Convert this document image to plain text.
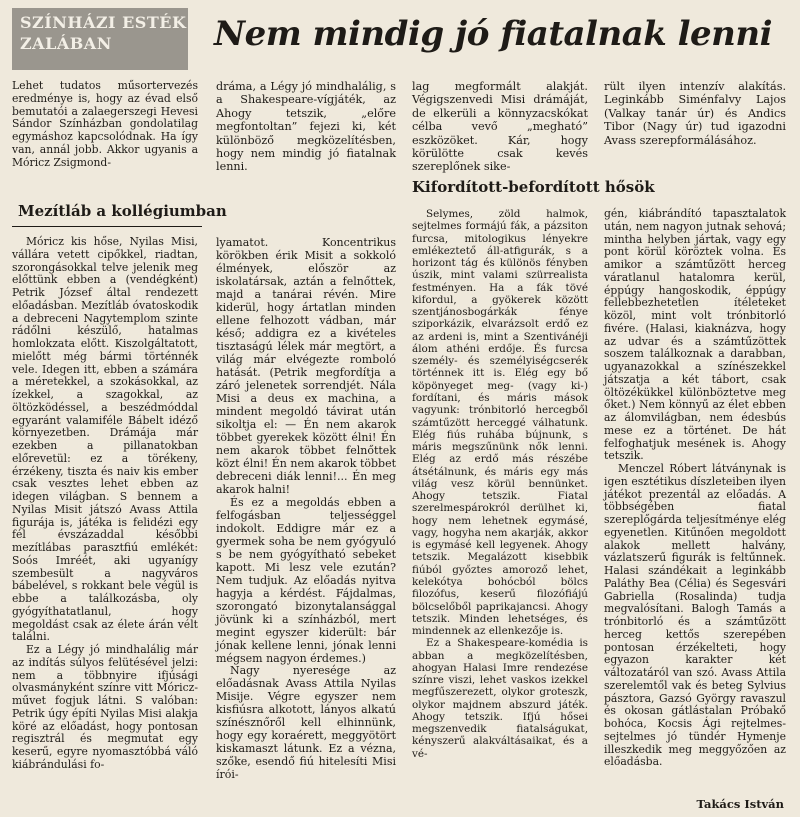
SZÍNHÁZI ESTÉK ZALÁBAN	Nem mindig jó fiatalnak lenni

Lehet tudatos műsortervezés eredménye is, hogy az évad első bemutatói a zalaegerszegi Hevesi Sándor Színházban gondolatilag egymáshoz kapcsolódnak. Ha így van, annál jobb. Akkor ugyanis a Móricz Zsigmond-

dráma, a Légy jó mindhalálig, s a Shakespeare-vígjáték, az Ahogy tetszik, „előre megfontoltan” fejezi ki, két különböző megközelítésben, hogy nem mindig jó fiatalnak lenni.

lag megformált alakját. Végigszenvedi Misi drámáját, de elkerüli a könnyzacskókat célba vevő „megható” eszközöket. Kár, hogy körülötte csak kevés szereplőnek sike-

rült ilyen intenzív alakítás. Leginkább Siménfalvy Lajos (Valkay tanár úr) és Andics Tibor (Nagy úr) tud igazodni Avass szerepformálásához.

Mezítláb a kollégiumban
Kifordított-befordított hősök

Móricz kis hőse, Nyilas Misi, vállára vetett cipőkkel, riadtan, szorongásokkal telve jelenik meg előttünk ebben a (vendégként) Petrik József által rendezett előadásban. Mezítláb óvatoskodik a debreceni Nagytemplom szinte rádőlni készülő, hatalmas homlokzata előtt. Kiszolgáltatott, mielőtt még bármi történnék vele. Idegen itt, ebben a számára a méretekkel, a szokásokkal, az ízekkel, a szagokkal, az öltözködéssel, a beszédmóddal egyaránt valamiféle Bábelt idéző környezetben. Drámája már ezekben a pillanatokban előrevetül: ez a törékeny, érzékeny, tiszta és naiv kis ember csak vesztes lehet ebben az idegen világban. S bennem a Nyilas Misit játszó Avass Attila figurája is, játéka is felidézi egy fél évszázaddal későbbi mezítlábas parasztfiú emlékét: Soós Imréét, aki ugyanígy szembesült a nagyváros bábelével, s rokkant bele végül is ebbe a találkozásba, oly gyógyíthatatlanul, hogy megoldást csak az élete árán vélt találni.

Ez a Légy jó mindhalálig már az indítás súlyos felütésével jelzi: nem a többnyire ifjúsági olvasmányként színre vitt Móricz-művet fogjuk látni. S valóban: Petrik úgy építi Nyilas Misi alakja köré az előadást, hogy pontosan regisztrál és megmutat egy keserű, egyre nyomasztóbbá váló kiábrándulási fo-

lyamatot. Koncentrikus körökben érik Misit a sokkoló élmények, először az iskolatársak, aztán a felnőttek, majd a tanárai révén. Mire kiderül, hogy ártatlan minden ellene felhozott vádban, már késő; addigra ez a kivételes tisztaságú lélek már megtört, a világ már elvégezte romboló hatását. (Petrik megfordítja a záró jelenetek sorrendjét. Nála Misi a deus ex machina, a mindent megoldó távirat után sikoltja el: — Én nem akarok többet gyerekek között élni! Én nem akarok többet felnőttek közt élni! Én nem akarok többet debreceni diák lenni!... Én meg akarok halni!

És ez a megoldás ebben a felfogásban teljességgel indokolt. Eddigre már ez a gyermek soha be nem gyógyuló s be nem gyógyítható sebeket kapott. Mi lesz vele ezután? Nem tudjuk. Az előadás nyitva hagyja a kérdést. Fájdalmas, szorongató bizonytalansággal jövünk ki a színházból, mert megint egyszer kiderült: bár jónak kellene lenni, jónak lenni mégsem nagyon érdemes.)

Nagy nyeresége az előadásnak Avass Attila Nyilas Misije. Végre egyszer nem kisfiúsra alkotott, lányos alkatú színésznőről kell elhinnünk, hogy egy koraérett, meggyötört kiskamaszt látunk. Ez a vézna, szőke, esendő fiú hitelesíti Misi írói-

Selymes, zöld halmok, sejtelmes formájú fák, a pázsiton furcsa, mitologikus lényekre emlékeztető áll-atfigurák, s a horizont tág és különös fényben úszik, mint valami szürrealista festményen. Ha a fák tövé kifordul, a gyökerek között szentjánosbogárkák fénye sziporkázik, elvarázsolt erdő ez az ardeni is, mint a Szentivánéji álom athéni erdője. És furcsa személy- és személyiségcserék történnek itt is. Elég egy bő köpönyeget meg- (vagy ki-) fordítani, és máris mások vagyunk: trónbitorló hercegből számtűzött herceggé válhatunk. Elég fiús ruhába bújnunk, s máris megszűnünk nők lenni. Elég az erdő más részébe átsétálnunk, és máris egy más világ vesz körül bennünket. Ahogy tetszik. Fiatal szerelmespárokról derülhet ki, hogy nem lehetnek egymásé, vagy, hogyha nem akarják, akkor is egymásé kell legyenek. Ahogy tetszik. Megalázott kisebbik fiúból győztes amoroző lehet, kelekótya bohócból bölcs filozófus, keserű filozófiájú bölcselőből paprikajancsi. Ahogy tetszik. Minden lehetséges, és mindennek az ellenkezője is.

Ez a Shakespeare-komédia is abban a megközelítésben, ahogyan Halasi Imre rendezése színre viszi, lehet vaskos izekkel megfűszerezett, olykor groteszk, olykor majdnem abszurd játék. Ahogy tetszik. Ifjú hősei megszenvedik fiatalságukat, kényszerű alakváltásaikat, és a vé-

gén, kiábrándító tapasztalatok után, nem nagyon jutnak sehová; mintha helyben jártak, vagy egy pont körül köröztek volna. És amikor a számtűzött herceg váratlanul hatalomra kerül, éppúgy hangoskodik, éppúgy fellebbezhetetlen ítéleteket közöl, mint volt trónbitorló fivére. (Halasi, kiaknázva, hogy az udvar és a számtűzöttek soszem találkoznak a darabban, ugyanazokkal a színészekkel játszatja a két tábort, csak öltözékükkel különböztetve meg őket.) Nem könnyű az élet ebben az álomvilágban, nem édesbús mese ez a történet. De hát felfoghatjuk mesének is. Ahogy tetszik.

Menczel Róbert látványnak is igen esztétikus díszleteiben ilyen játékot prezentál az előadás. A többségében fiatal szereplőgárda teljesítménye elég egyenetlen. Kitűnően megoldott alakok mellett halvány, vázlatszerű figurák is feltűnnek. Halasi szándékait a leginkább Paláthy Bea (Célia) és Segesvári Gabriella (Rosalinda) tudja megvalósítani. Balogh Tamás a trónbitorló és a számtűzött herceg kettős szerepében pontosan érzékelteti, hogy egyazon karakter két változatáról van szó. Avass Attila szerelemtől vak és beteg Sylvius pásztora, Gazsó György ravaszul és okosan gátlástalan Próbakő bohóca, Kocsis Ági rejtelmes-sejtelmes jó tündér Hymenje illeszkedik meg meggyőzően az előadásba.

Takács István
